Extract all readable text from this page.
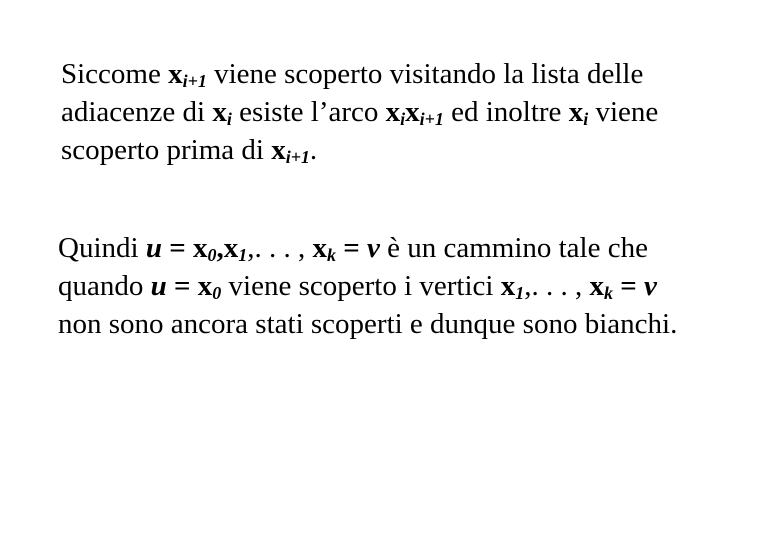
Siccome $x_{i+1}$ viene scoperto visitando la lista delle
adiacenze di $x_i$ esiste l’arco $x_ix_{i+1}$ ed inoltre $x_i$ viene
scoperto prima di $x_{i+1}$.

Quindi $u = x_0,x_1$,. . . , $x_k = v$ è un cammino tale che
quando $u = x_0$ viene scoperto i vertici $x_1$,. . . , $x_k = v$
non sono ancora stati scoperti e dunque sono bianchi.
